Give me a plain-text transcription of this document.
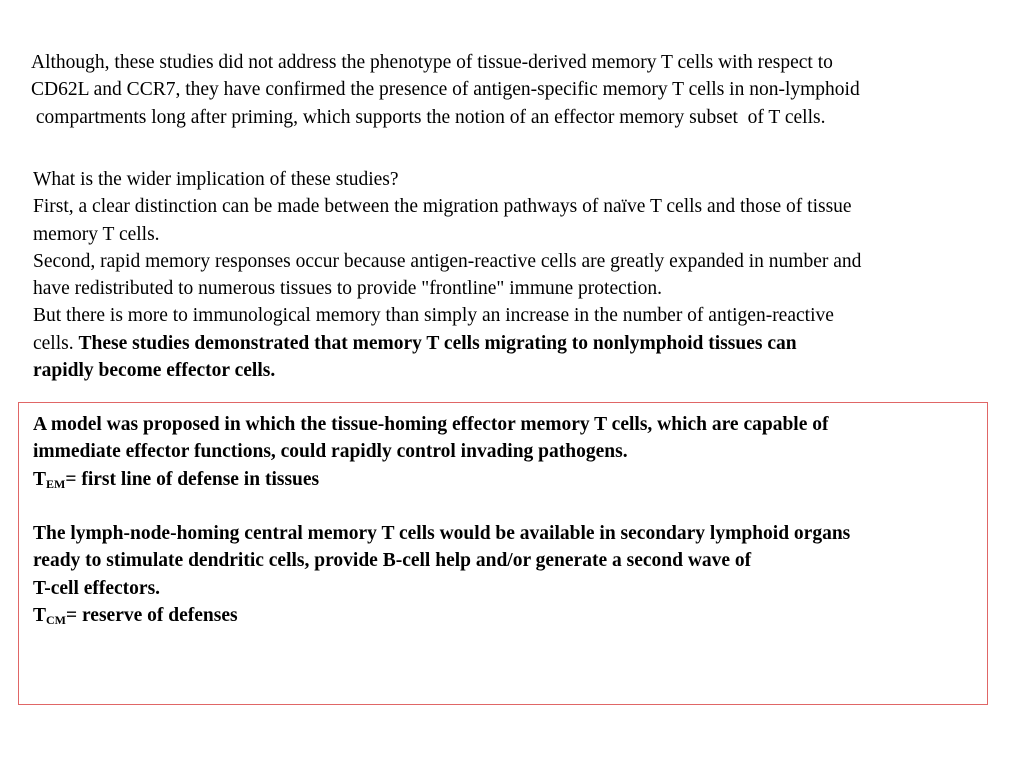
Although, these studies did not address the phenotype of tissue-derived memory T cells with respect to
CD62L and CCR7, they have confirmed the presence of antigen-specific memory T cells in non-lymphoid
compartments long after priming, which supports the notion of an effector memory subset  of T cells.
What is the wider implication of these studies?
First, a clear distinction can be made between the migration pathways of naïve T cells and those of tissue
memory T cells.
Second, rapid memory responses occur because antigen-reactive cells are greatly expanded in number and
have redistributed to numerous tissues to provide "frontline" immune protection.
But there is more to immunological memory than simply an increase in the number of antigen-reactive
cells. These studies demonstrated that memory T cells migrating to nonlymphoid tissues can
rapidly become effector cells.
A model was proposed in which the tissue-homing effector memory T cells, which are capable of
immediate effector functions, could rapidly control invading pathogens.
$T_{EM}=$ first line of defense in tissues
The lymph-node-homing central memory T cells would be available in secondary lymphoid organs
ready to stimulate dendritic cells, provide B-cell help and/or generate a second wave of
T-cell effectors.
$T_{CM}=$ reserve of defenses
